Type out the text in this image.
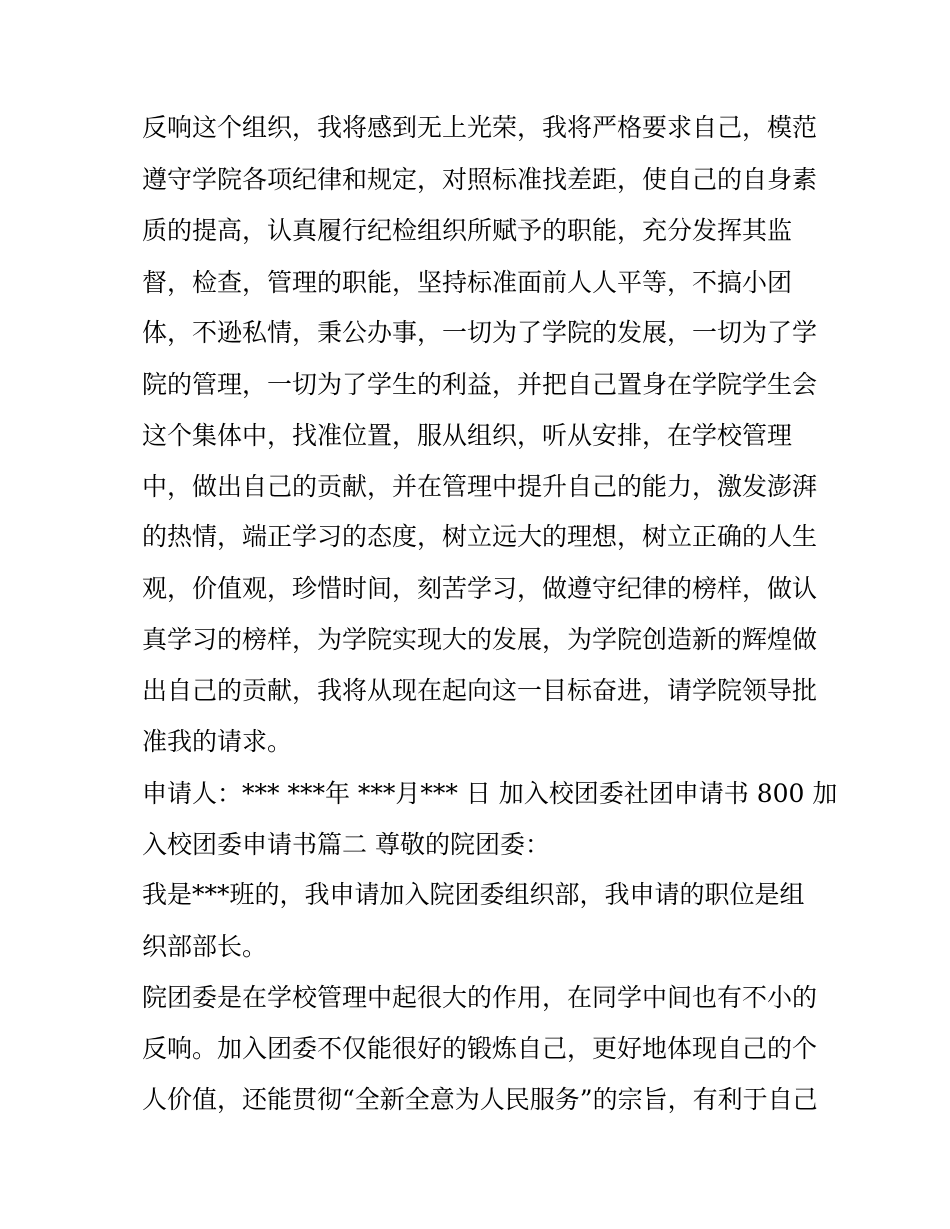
反响这个组织，我将感到无上光荣，我将严格要求自己，模范
遵守学院各项纪律和规定，对照标准找差距，使自己的自身素
质的提高，认真履行纪检组织所赋予的职能，充分发挥其监
督，检查，管理的职能，坚持标准面前人人平等，不搞小团
体，不逊私情，秉公办事，一切为了学院的发展，一切为了学
院的管理，一切为了学生的利益，并把自己置身在学院学生会
这个集体中，找准位置，服从组织，听从安排，在学校管理
中，做出自己的贡献，并在管理中提升自己的能力，激发澎湃
的热情，端正学习的态度，树立远大的理想，树立正确的人生
观，价值观，珍惜时间，刻苦学习，做遵守纪律的榜样，做认
真学习的榜样，为学院实现大的发展，为学院创造新的辉煌做
出自己的贡献，我将从现在起向这一目标奋进，请学院领导批
准我的请求。
申请人：*** ***年 ***月*** 日 加入校团委社团申请书 800 加
入校团委申请书篇二 尊敬的院团委：
我是***班的，我申请加入院团委组织部，我申请的职位是组
织部部长。
院团委是在学校管理中起很大的作用，在同学中间也有不小的
反响。加入团委不仅能很好的锻炼自己，更好地体现自己的个
人价值，还能贯彻“全新全意为人民服务”的宗旨，有利于自己
